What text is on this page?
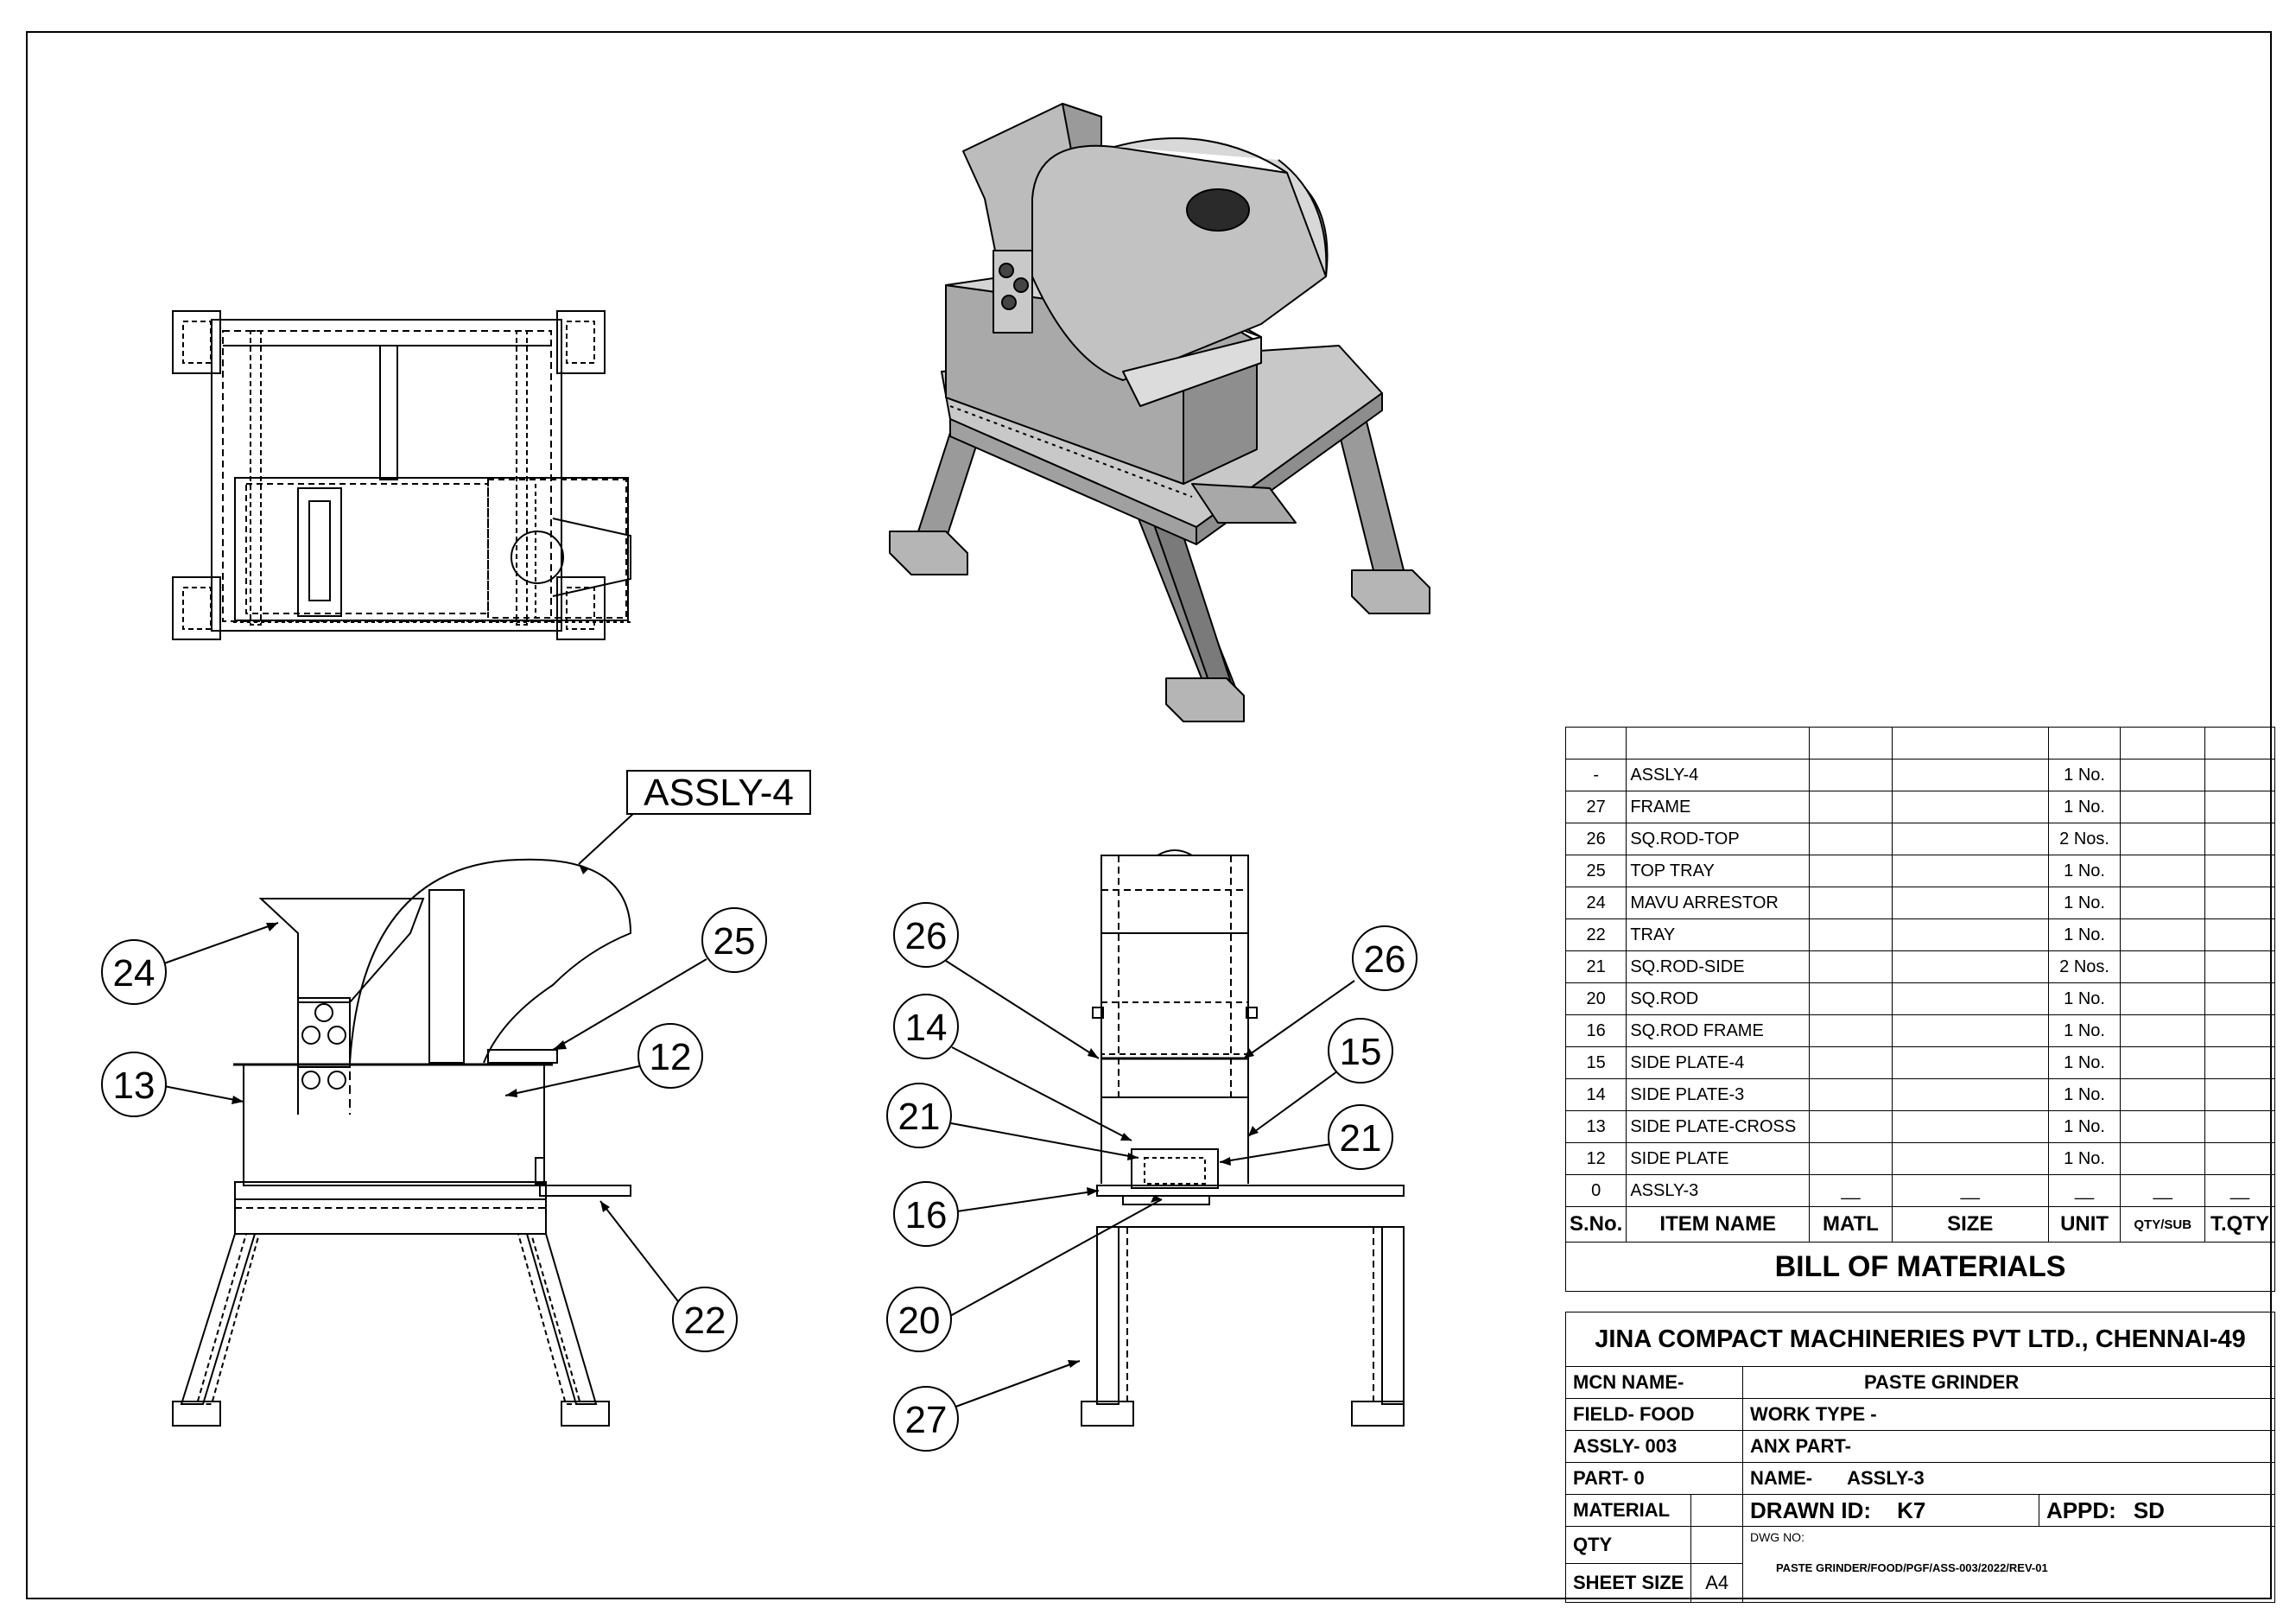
ASSLY-4
24
13
25
12
22
26
26
14
15
21
21
16
20
27

-	ASSLY-4			1 No.		
27	FRAME			1 No.		
26	SQ.ROD-TOP			2 Nos.		
25	TOP TRAY			1 No.		
24	MAVU ARRESTOR			1 No.		
22	TRAY			1 No.		
21	SQ.ROD-SIDE			2 Nos.		
20	SQ.ROD			1 No.		
16	SQ.ROD FRAME			1 No.		
15	SIDE PLATE-4			1 No.		
14	SIDE PLATE-3			1 No.		
13	SIDE PLATE-CROSS			1 No.		
12	SIDE PLATE			1 No.		
0	ASSLY-3	__	__	__	__	__
S.No.	ITEM NAME	MATL	SIZE	UNIT	QTY/SUB	T.QTY
BILL OF MATERIALS						
JINA COMPACT MACHINERIES PVT LTD., CHENNAI-49			
MCN NAME-		PASTE GRINDER	
FIELD- FOOD		WORK TYPE -	
ASSLY- 003		ANX PART-	
PART- 0		NAME- ASSLY-3	
MATERIAL		DRAWN ID: K7	APPD: SD
QTY		DWG NO:
PASTE GRINDER/FOOD/PGF/ASS-003/2022/REV-01	

SHEET SIZE	A4		
